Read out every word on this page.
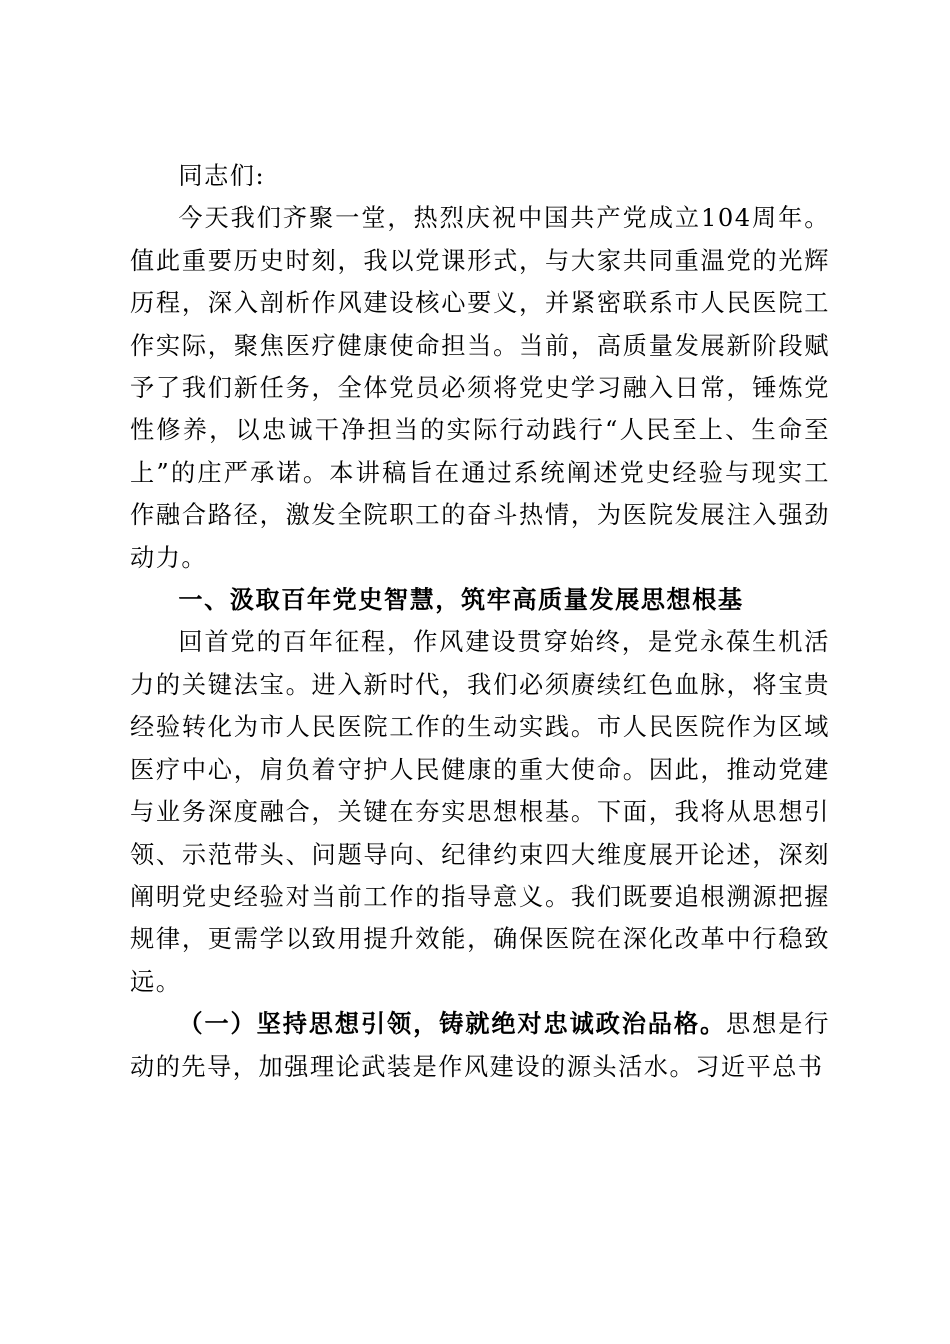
同志们:

今天我们齐聚一堂，热烈庆祝中国共产党成立104周年。值此重要历史时刻，我以党课形式，与大家共同重温党的光辉历程，深入剖析作风建设核心要义，并紧密联系市人民医院工作实际，聚焦医疗健康使命担当。当前，高质量发展新阶段赋予了我们新任务，全体党员必须将党史学习融入日常，锤炼党性修养，以忠诚干净担当的实际行动践行“人民至上、生命至上”的庄严承诺。本讲稿旨在通过系统阐述党史经验与现实工作融合路径，激发全院职工的奋斗热情，为医院发展注入强劲动力。

一、汲取百年党史智慧，筑牢高质量发展思想根基

回首党的百年征程，作风建设贯穿始终，是党永葆生机活力的关键法宝。进入新时代，我们必须赓续红色血脉，将宝贵经验转化为市人民医院工作的生动实践。市人民医院作为区域医疗中心，肩负着守护人民健康的重大使命。因此，推动党建与业务深度融合，关键在夯实思想根基。下面，我将从思想引领、示范带头、问题导向、纪律约束四大维度展开论述，深刻阐明党史经验对当前工作的指导意义。我们既要追根溯源把握规律，更需学以致用提升效能，确保医院在深化改革中行稳致远。

（一）坚持思想引领，铸就绝对忠诚政治品格。思想是行动的先导，加强理论武装是作风建设的源头活水。习近平总书
